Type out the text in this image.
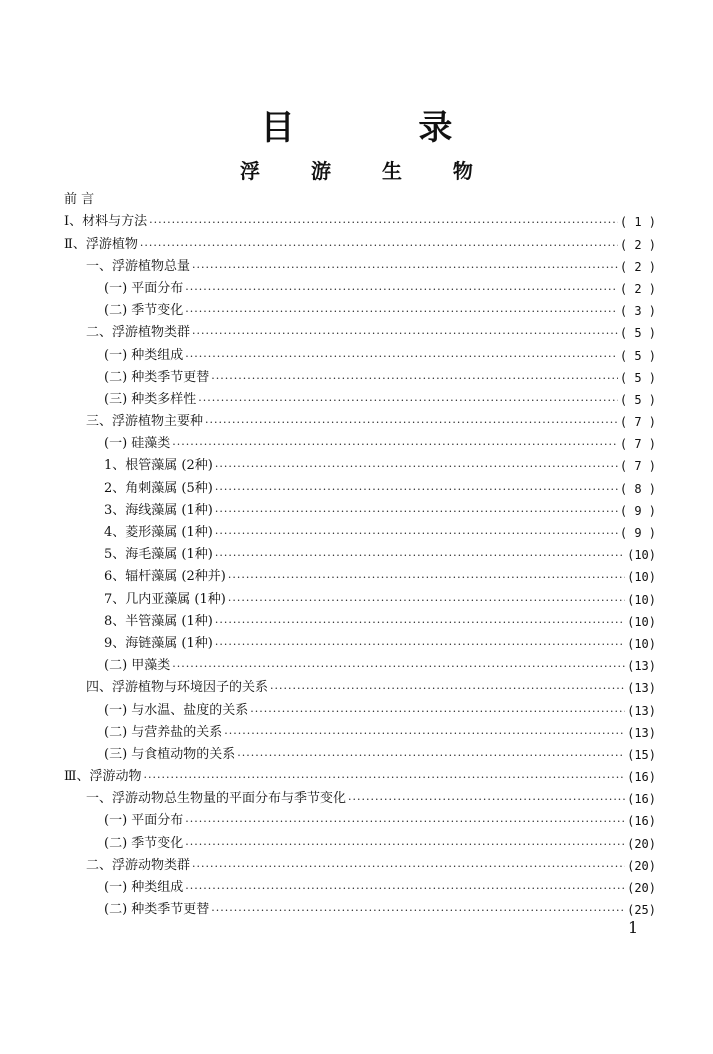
目 录
浮 游 生 物
前 言
Ⅰ、材料与方法 ·····	( 1 )
Ⅱ、浮游植物 ·····	( 2 )
一、浮游植物总量 ·····	( 2 )
(一) 平面分布 ·····	( 2 )
(二) 季节变化 ·····	( 3 )
二、浮游植物类群 ·····	( 5 )
(一) 种类组成 ·····	( 5 )
(二) 种类季节更替 ·····	( 5 )
(三) 种类多样性 ·····	( 5 )
三、浮游植物主要种 ·····	( 7 )
(一) 硅藻类 ·····	( 7 )
1、根管藻属 (2种) ·····	( 7 )
2、角刺藻属 (5种) ·····	( 8 )
3、海线藻属 (1种) ·····	( 9 )
4、菱形藻属 (1种) ·····	( 9 )
5、海毛藻属 (1种) ·····	(10)
6、辐杆藻属 (2种并) ·····	(10)
7、几内亚藻属 (1种) ·····	(10)
8、半管藻属 (1种) ·····	(10)
9、海链藻属 (1种) ·····	(10)
(二) 甲藻类 ·····	(13)
四、浮游植物与环境因子的关系 ·····	(13)
(一) 与水温、盐度的关系 ·····	(13)
(二) 与营养盐的关系 ·····	(13)
(三) 与食植动物的关系 ·····	(15)
Ⅲ、浮游动物 ·····	(16)
一、浮游动物总生物量的平面分布与季节变化 ·····	(16)
(一) 平面分布 ·····	(16)
(二) 季节变化 ·····	(20)
二、浮游动物类群 ·····	(20)
(一) 种类组成 ·····	(20)
(二) 种类季节更替 ·····	(25)
1
